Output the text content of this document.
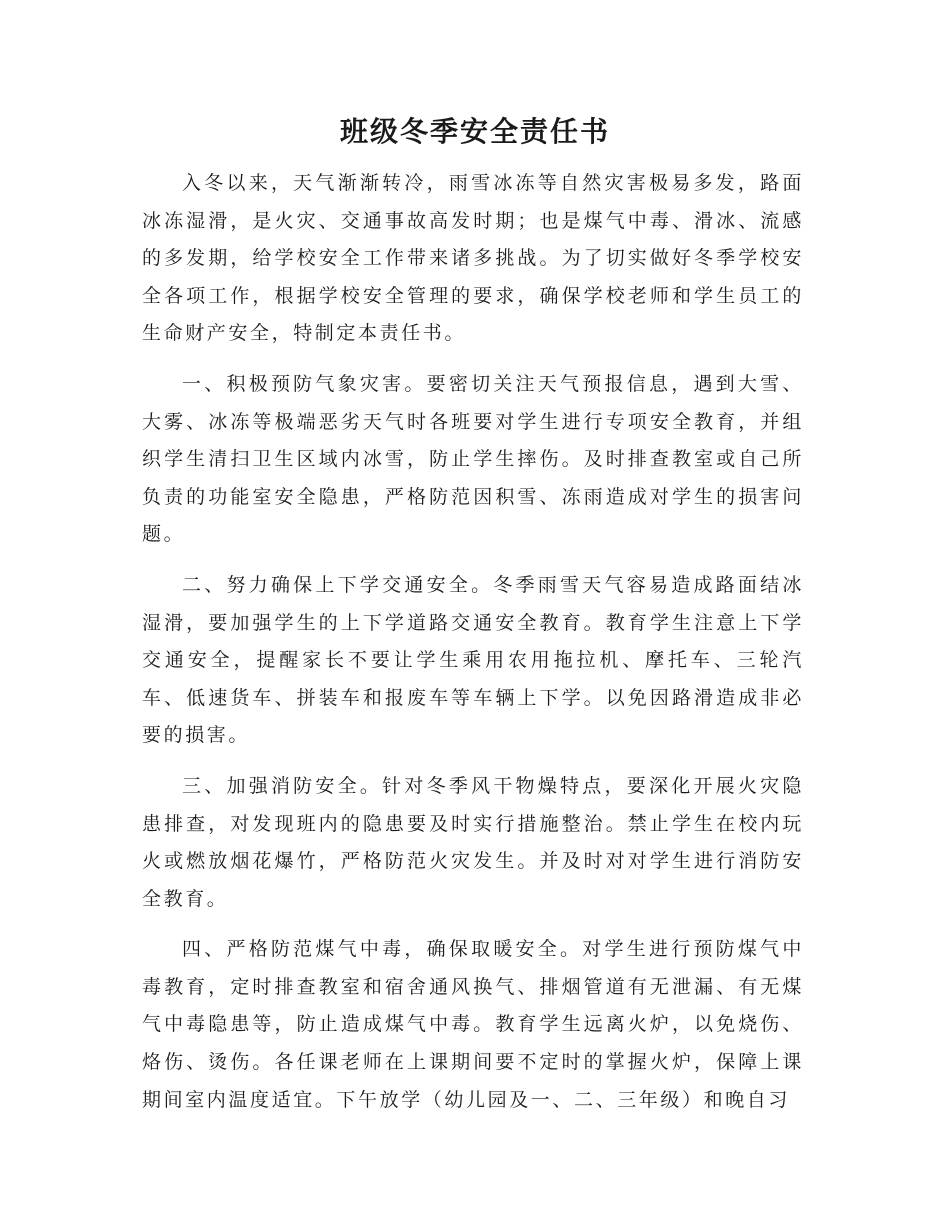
班级冬季安全责任书

入冬以来，天气渐渐转冷，雨雪冰冻等自然灾害极易多发，路面冰冻湿滑，是火灾、交通事故高发时期；也是煤气中毒、滑冰、流感的多发期，给学校安全工作带来诸多挑战。为了切实做好冬季学校安全各项工作，根据学校安全管理的要求，确保学校老师和学生员工的生命财产安全，特制定本责任书。

一、积极预防气象灾害。要密切关注天气预报信息，遇到大雪、大雾、冰冻等极端恶劣天气时各班要对学生进行专项安全教育，并组织学生清扫卫生区域内冰雪，防止学生摔伤。及时排查教室或自己所负责的功能室安全隐患，严格防范因积雪、冻雨造成对学生的损害问题。

二、努力确保上下学交通安全。冬季雨雪天气容易造成路面结冰湿滑，要加强学生的上下学道路交通安全教育。教育学生注意上下学交通安全，提醒家长不要让学生乘用农用拖拉机、摩托车、三轮汽车、低速货车、拼装车和报废车等车辆上下学。以免因路滑造成非必要的损害。

三、加强消防安全。针对冬季风干物燥特点，要深化开展火灾隐患排查，对发现班内的隐患要及时实行措施整治。禁止学生在校内玩火或燃放烟花爆竹，严格防范火灾发生。并及时对对学生进行消防安全教育。

四、严格防范煤气中毒，确保取暖安全。对学生进行预防煤气中毒教育，定时排查教室和宿舍通风换气、排烟管道有无泄漏、有无煤气中毒隐患等，防止造成煤气中毒。教育学生远离火炉，以免烧伤、烙伤、烫伤。各任课老师在上课期间要不定时的掌握火炉，保障上课期间室内温度适宜。下午放学（幼儿园及一、二、三年级）和晚自习
